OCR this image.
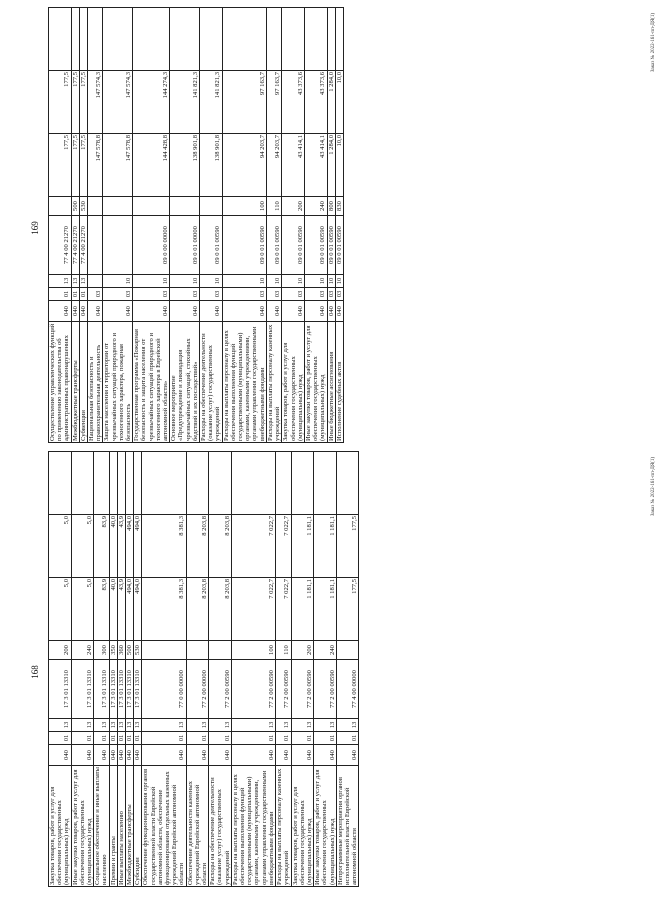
168
Закупка товаров, работ и услуг для обеспечения государственных (муниципальных) нужд	040	01	13	17 3 01 13310	200	5,0	5,0	
Иные закупки товаров, работ и услуг для обеспечения государственных (муниципальных) нужд	040	01	13	17 3 01 13310	240	5,0	5,0	
Социальное обеспечение и иные выплаты населению	040	01	13	17 3 01 13310	300	83,9	83,9	
Премии и гранты	040	01	13	17 3 01 13310	350	40,0	40,0	
Иные выплаты населению	040	01	13	17 3 01 13310	360	43,9	43,9	
Межбюджетные трансферты	040	01	13	17 3 01 13310	500	494,0	494,0	
Субсидии	040	01	13	17 3 01 13310	530	494,0	494,0	
Обеспечение функционирования органов государственной власти Еврейской автономной области, обеспечение функционирования отдельных казенных учреждений Еврейской автономной области	040	01	13	77 0 00 00000		8 381,3	8 381,3	
Обеспечение деятельности казенных учреждений Еврейской автономной области	040	01	13	77 2 00 00000		8 203,8	8 203,8	
Расходы на обеспечение деятельности (оказание услуг) государственных учреждений	040	01	13	77 2 00 00590		8 203,8	8 203,8	
Расходы на выплаты персоналу в целях обеспечения выполнения функций государственными (муниципальными) органами, казенными учреждениями, органами управления государственными внебюджетными фондами	040	01	13	77 2 00 00590	100	7 022,7	7 022,7	
Расходы на выплаты персоналу казенных учреждений	040	01	13	77 2 00 00590	110	7 022,7	7 022,7	
Закупка товаров, работ и услуг для обеспечения государственных (муниципальных) нужд	040	01	13	77 2 00 00590	200	1 181,1	1 181,1	
Иные закупки товаров, работ и услуг для обеспечения государственных (муниципальных) нужд	040	01	13	77 2 00 00590	240	1 181,1	1 181,1	
Непрограммные мероприятия органов исполнительной власти Еврейской автономной области	040	01	13	77 4 00 00000		177,5	177,5	
Заказ № 2022-161-пп-ДЯ(1)
169
Осуществление управленческих функций по применению законодательства об административных правонарушениях	040	01	13	77 4 00 21270		177,5	177,5	
Межбюджетные трансферты	040	01	13	77 4 00 21270	500	177,5	177,5	
Субвенции	040	01	13	77 4 00 21270	530	177,5	177,5	
Национальная безопасность и правоохранительная деятельность	040	03				147 578,8	147 574,3	
Защита населения и территории от чрезвычайных ситуаций природного и техногенного характера, пожарная безопасность	040	03	10			147 578,8	147 574,3	
Государственная программа «Пожарная безопасность и защита населения от чрезвычайных ситуаций природного и техногенного характера в Еврейской автономной области»	040	03	10	09 0 00 00000		144 428,8	144 274,3	
Основное мероприятие «Предупреждение и ликвидация чрезвычайных ситуаций, стихийных бедствий и их последствий»	040	03	10	09 0 01 00000		138 901,8	141 821,3	
Расходы на обеспечение деятельности (оказание услуг) государственных учреждений	040	03	10	09 0 01 00590		138 901,8	141 821,3	
Расходы на выплаты персоналу в целях обеспечения выполнения функций государственными (муниципальными) органами, казенными учреждениями, органами управления государственными внебюджетными фондами	040	03	10	09 0 01 00590	100	94 203,7	97 163,7	
Расходы на выплаты персоналу казенных учреждений	040	03	10	09 0 01 00590	110	94 203,7	97 163,7	
Закупка товаров, работ и услуг для обеспечения государственных (муниципальных) нужд	040	03	10	09 0 01 00590	200	43 414,1	43 373,6	
Иные закупки товаров, работ и услуг для обеспечения государственных (муниципальных) нужд	040	03	10	09 0 01 00590	240	43 414,1	43 373,6	
Иные бюджетные ассигнования	040	03	10	09 0 01 00590	800	1 284,0	1 284,0	
Исполнение судебных актов	040	03	10	09 0 01 00590	830	10,0	10,0	
Заказ № 2022-161-пп-ДЯ(1)
